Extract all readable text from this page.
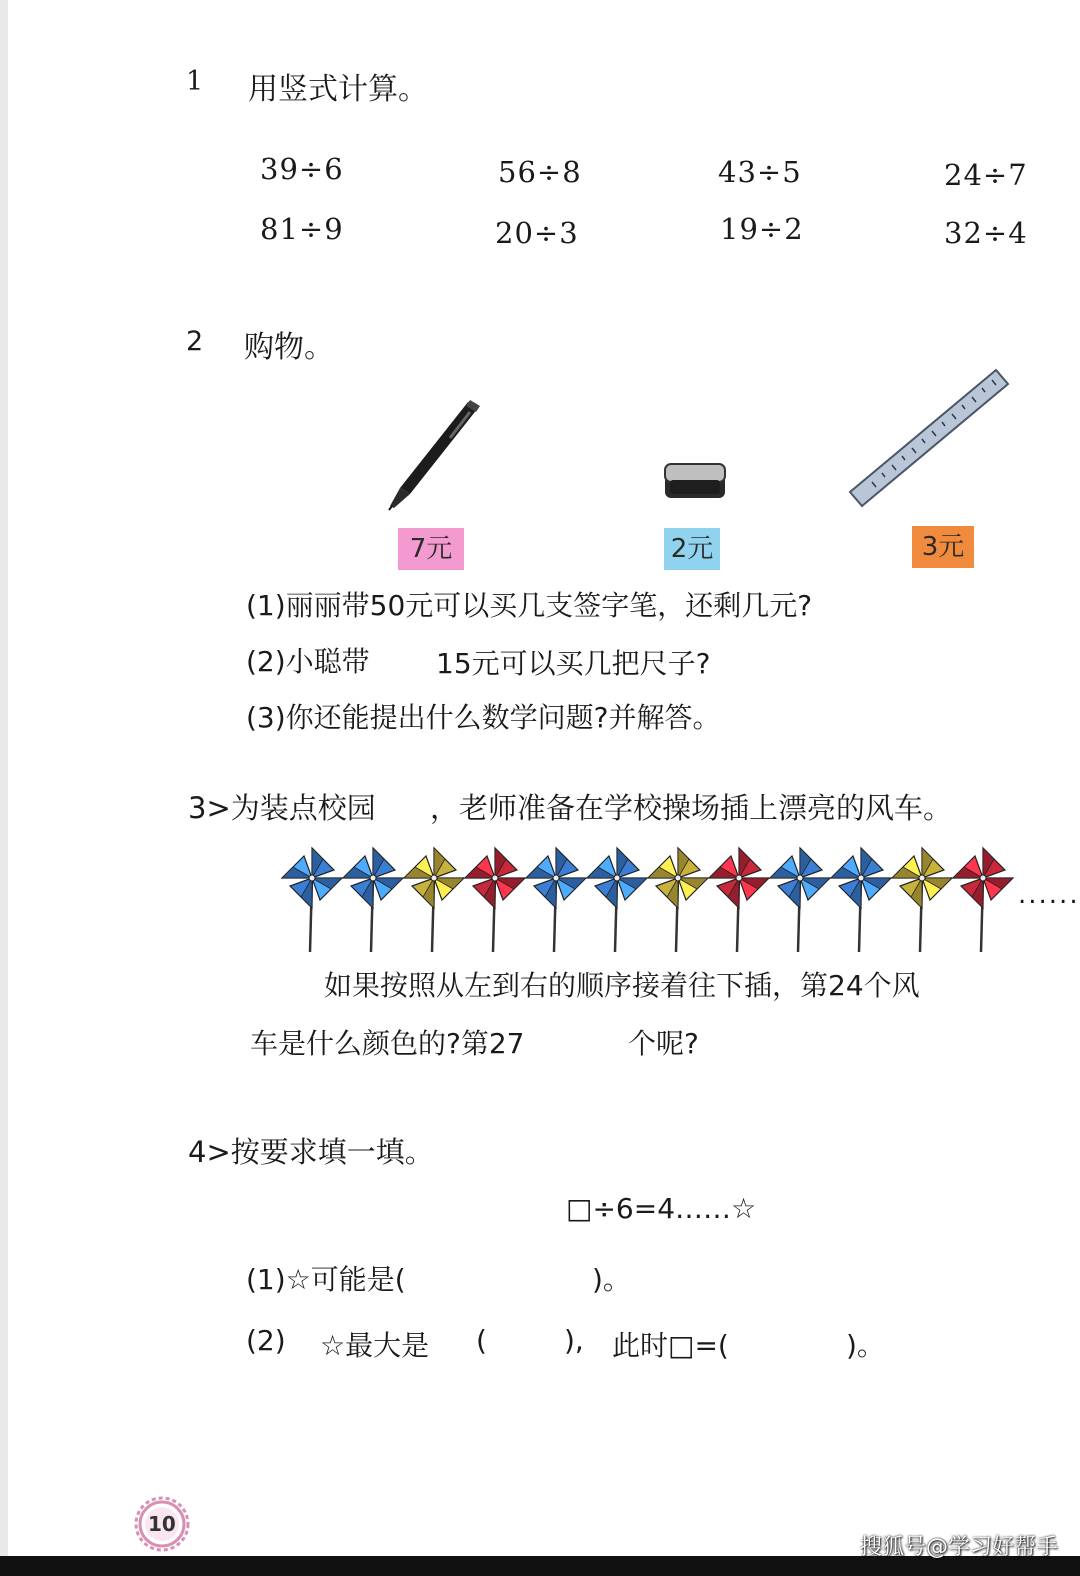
1 用竖式计算。
39÷6	56÷8	43÷5	24÷7
81÷9	20÷3	19÷2	32÷4
2 购物。
7元	2元	3元
(1)丽丽带50元可以买几支签字笔，还剩几元?
(2)小聪带 15元可以买几把尺子?
(3)你还能提出什么数学问题?并解答。
3>为装点校园 ，老师准备在学校操场插上漂亮的风车。
......
如果按照从左到右的顺序接着往下插，第24个风
车是什么颜色的?第27	个呢?
4>按要求填一填。
□÷6=4……☆
(1)☆可能是(	)。
(2) ☆最大是 (	), 此时□=(	)。
10
搜狐号@学习好帮手
